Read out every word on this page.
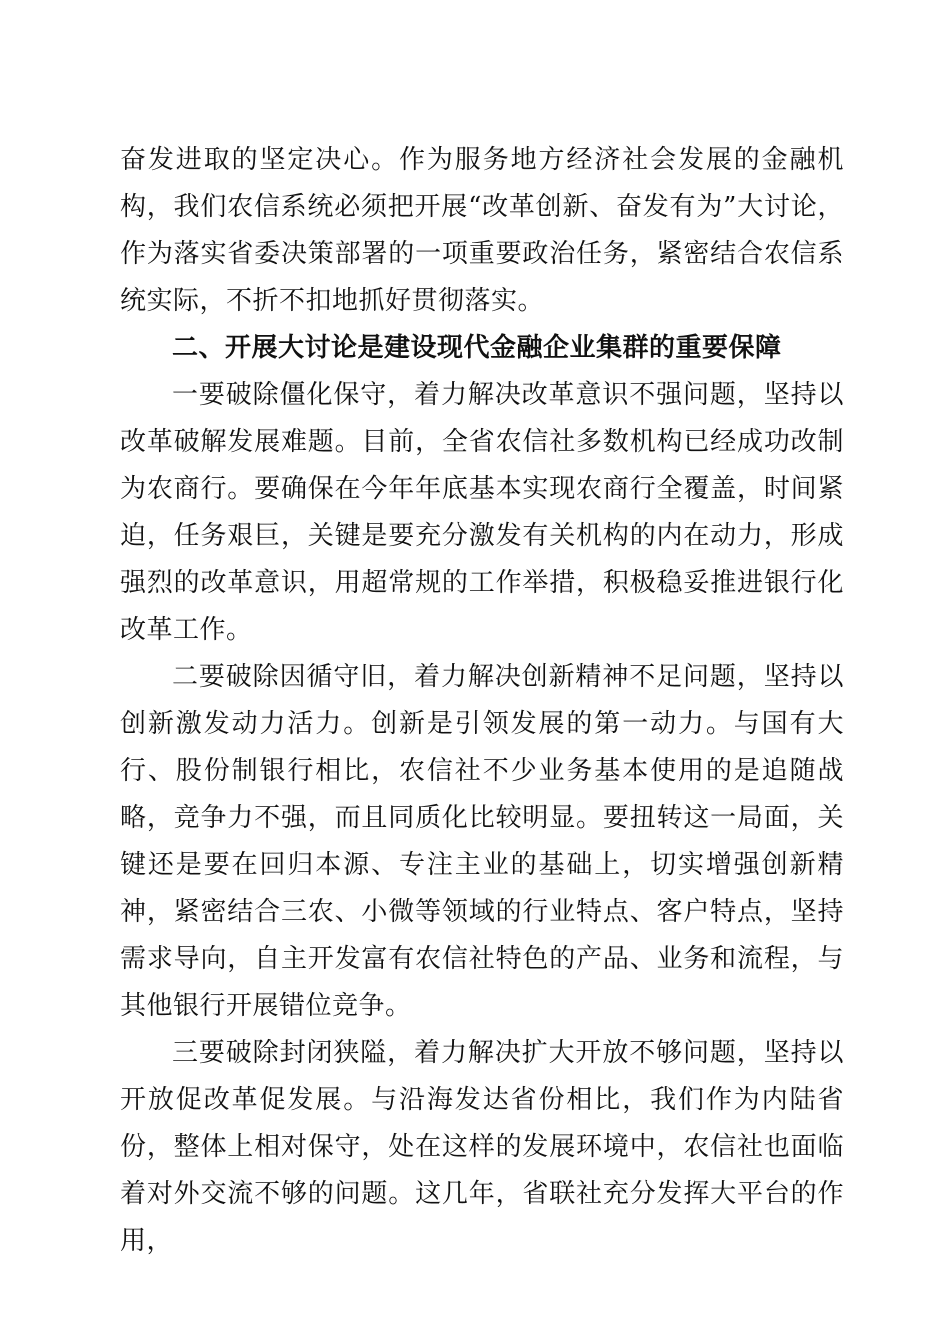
奋发进取的坚定决心。作为服务地方经济社会发展的金融机构，我们农信系统必须把开展“改革创新、奋发有为”大讨论，作为落实省委决策部署的一项重要政治任务，紧密结合农信系统实际，不折不扣地抓好贯彻落实。

二、开展大讨论是建设现代金融企业集群的重要保障

一要破除僵化保守，着力解决改革意识不强问题，坚持以改革破解发展难题。目前，全省农信社多数机构已经成功改制为农商行。要确保在今年年底基本实现农商行全覆盖，时间紧迫，任务艰巨，关键是要充分激发有关机构的内在动力，形成强烈的改革意识，用超常规的工作举措，积极稳妥推进银行化改革工作。

二要破除因循守旧，着力解决创新精神不足问题，坚持以创新激发动力活力。创新是引领发展的第一动力。与国有大行、股份制银行相比，农信社不少业务基本使用的是追随战略，竞争力不强，而且同质化比较明显。要扭转这一局面，关键还是要在回归本源、专注主业的基础上，切实增强创新精神，紧密结合三农、小微等领域的行业特点、客户特点，坚持需求导向，自主开发富有农信社特色的产品、业务和流程，与其他银行开展错位竞争。

三要破除封闭狭隘，着力解决扩大开放不够问题，坚持以开放促改革促发展。与沿海发达省份相比，我们作为内陆省份，整体上相对保守，处在这样的发展环境中，农信社也面临着对外交流不够的问题。这几年，省联社充分发挥大平台的作用，
